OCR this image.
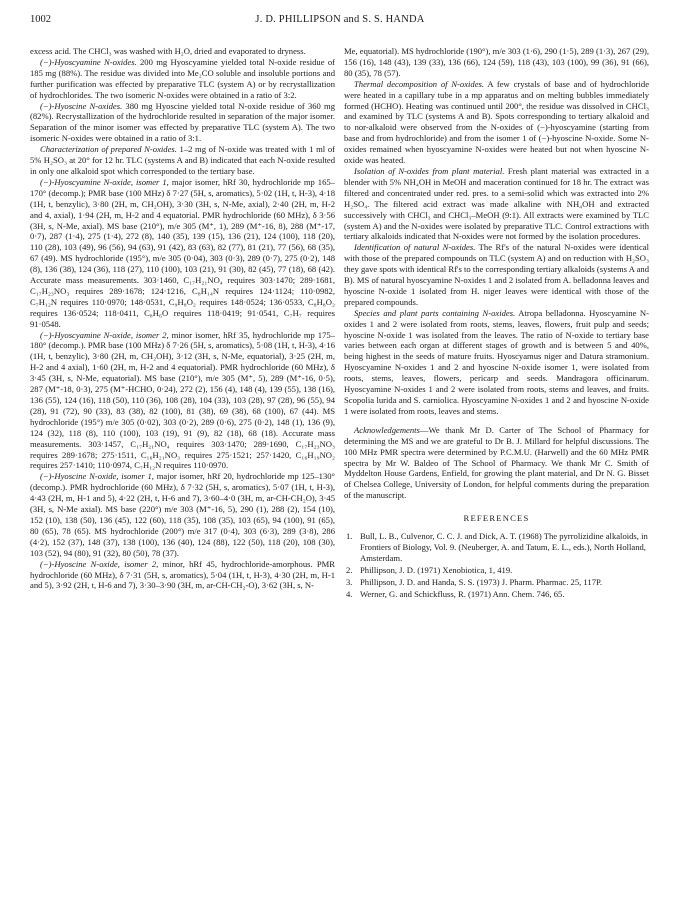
1002	J. D. PHILLIPSON and S. S. HANDA

excess acid. The CHCl₃ was washed with H₂O, dried and evaporated to dryness.

(−)-Hyoscyamine N-oxides. 200 mg Hyoscyamine yielded total N-oxide residue of 185 mg (88%). The residue was divided into Me₂CO soluble and insoluble portions and further purification was effected by preparative TLC (system A) or by recrystallization of hydrochlorides. The two isomeric N-oxides were obtained in a ratio of 3:2.

(−)-Hyoscine N-oxides. 380 mg Hyoscine yielded total N-oxide residue of 360 mg (82%). Recrystallization of the hydrochloride resulted in separation of the major isomer. Separation of the minor isomer was effected by preparative TLC (system A). The two isomeric N-oxides were obtained in a ratio of 3:1.

Characterization of prepared N-oxides. 1–2 mg of N-oxide was treated with 1 ml of 5% H₂SO₃ at 20° for 12 hr. TLC (systems A and B) indicated that each N-oxide resulted in only one alkaloid spot which corresponded to the tertiary base.

(−)-Hyoscyamine N-oxide, isomer 1, major isomer, hRf 30, hydrochloride mp 165–170° (decomp.); PMR base (100 MHz) δ 7·27 (5H, s, aromatics), 5·02 (1H, t, H-3), 4·18 (1H, t, benzylic), 3·80 (2H, m, CH₂OH), 3·30 (3H, s, N-Me, axial), 2·40 (2H, m, H-2 and 4, axial), 1·94 (2H, m, H-2 and 4 equatorial. PMR hydrochloride (60 MHz), δ 3·56 (3H, s, N-Me, axial). MS base (210°), m/e 305 (M⁺, 1), 289 (M⁺-16, 8), 288 (M⁺-17, 0·7), 287 (1·4), 275 (1·4), 272 (8), 140 (35), 139 (15), 136 (21), 124 (100), 118 (20), 110 (28), 103 (49), 96 (56), 94 (63), 91 (42), 83 (63), 82 (77), 81 (21), 77 (56), 68 (35), 67 (49). MS hydrochloride (195°), m/e 305 (0·04), 303 (0·3), 289 (0·7), 275 (0·2), 148 (8), 136 (38), 124 (36), 118 (27), 110 (100), 103 (21), 91 (30), 82 (45), 77 (18), 68 (42). Accurate mass measurements. 303·1460, C₁₇H₂₁NO₄ requires 303·1470; 289·1681, C₁₇H₂₃NO₃ requires 289·1678; 124·1216, C₈H₁₄N requires 124·1124; 110·0982, C₇H₁₂N requires 110·0970; 148·0531, C₉H₈O₂ requires 148·0524; 136·0533, C₈H₈O₂ requires 136·0524; 118·0411, C₈H₆O requires 118·0419; 91·0541, C₇H₇ requires 91·0548.

(−)-Hyoscyamine N-oxide, isomer 2, minor isomer, hRf 35, hydrochloride mp 175–180° (decomp.). PMR base (100 MHz) δ 7·26 (5H, s, aromatics), 5·08 (1H, t, H-3), 4·16 (1H, t, benzylic), 3·80 (2H, m, CH₂OH), 3·12 (3H, s, N-Me, equatorial), 3·25 (2H, m, H-2 and 4 axial), 1·60 (2H, m, H-2 and 4 equatorial). PMR hydrochloride (60 MHz), δ 3·45 (3H, s, N-Me, equatorial). MS base (210°), m/e 305 (M⁺, 5), 289 (M⁺-16, 0·5), 287 (M⁺-18, 0·3), 275 (M⁺-HCHO, 0·24), 272 (2), 156 (4), 148 (4), 139 (55), 138 (16), 136 (55), 124 (16), 118 (50), 110 (36), 108 (28), 104 (33), 103 (28), 97 (28), 96 (55), 94 (28), 91 (72), 90 (33), 83 (38), 82 (100), 81 (38), 69 (38), 68 (100), 67 (44). MS hydrochloride (195°) m/e 305 (0·02), 303 (0·2), 289 (0·6), 275 (0·2), 148 (1), 136 (9), 124 (32), 118 (8), 110 (100), 103 (19), 91 (9), 82 (18), 68 (18). Accurate mass measurements. 303·1457, C₁₇H₂₁NO₄ requires 303·1470; 289·1690, C₁₇H₂₃NO₃ requires 289·1678; 275·1511, C₁₆H₂₁NO₃ requires 275·1521; 257·1420, C₁₆H₁₉NO₂ requires 257·1410; 110·0974, C₇H₁₂N requires 110·0970.

(−)-Hyoscine N-oxide, isomer 1, major isomer, hRf 20, hydrochloride mp 125–130° (decomp.). PMR hydrochloride (60 MHz), δ 7·32 (5H, s, aromatics), 5·07 (1H, t, H-3), 4·43 (2H, m, H-1 and 5), 4·22 (2H, t, H-6 and 7), 3·60–4·0 (3H, m, ar-CH-CH₂O), 3·45 (3H, s, N-Me axial). MS base (220°) m/e 303 (M⁺-16, 5), 290 (1), 288 (2), 154 (10), 152 (10), 138 (50), 136 (45), 122 (60), 118 (35), 108 (35), 103 (65), 94 (100), 91 (65), 80 (65), 78 (65). MS hydrochloride (200°) m/e 317 (0·4), 303 (6·3), 289 (3·8), 286 (4·2), 152 (37), 148 (37), 138 (100), 136 (40), 124 (88), 122 (50), 118 (20), 108 (30), 103 (52), 94 (80), 91 (32), 80 (50), 78 (37).

(−)-Hyoscine N-oxide, isomer 2, minor, hRf 45, hydrochloride-amorphous. PMR hydrochloride (60 MHz), δ 7·31 (5H, s, aromatics), 5·04 (1H, t, H-3), 4·30 (2H, m, H-1 and 5), 3·92 (2H, t, H-6 and 7), 3·30–3·90 (3H, m, ar-CH-CH₂-O), 3·62 (3H, s, N-

Me, equatorial). MS hydrochloride (190°), m/e 303 (1·6), 290 (1·5), 289 (1·3), 267 (29), 156 (16), 148 (43), 139 (33), 136 (66), 124 (59), 118 (43), 103 (100), 99 (36), 91 (66), 80 (35), 78 (57).

Thermal decomposition of N-oxides. A few crystals of base and of hydrochloride were heated in a capillary tube in a mp apparatus and on melting bubbles immediately formed (HCHO). Heating was continued until 200°, the residue was dissolved in CHCl₃ and examined by TLC (systems A and B). Spots corresponding to tertiary alkaloid and to nor-alkaloid were observed from the N-oxides of (−)-hyoscyamine (starting from base and from hydrochloride) and from the isomer 1 of (−)-hyoscine N-oxide. Some N-oxides remained when hyoscyamine N-oxides were heated but not when hyoscine N-oxide was heated.

Isolation of N-oxides from plant material. Fresh plant material was extracted in a blender with 5% NH₄OH in MeOH and maceration continued for 18 hr. The extract was filtered and concentrated under red. pres. to a semi-solid which was extracted into 2% H₂SO₄. The filtered acid extract was made alkaline with NH₄OH and extracted successively with CHCl₃ and CHCl₃–MeOH (9:1). All extracts were examined by TLC (system A) and the N-oxides were isolated by preparative TLC. Control extractions with tertiary alkaloids indicated that N-oxides were not formed by the isolation procedures.

Identification of natural N-oxides. The Rf's of the natural N-oxides were identical with those of the prepared compounds on TLC (system A) and on reduction with H₂SO₃ they gave spots with identical Rf's to the corresponding tertiary alkaloids (systems A and B). MS of natural hyoscyamine N-oxides 1 and 2 isolated from A. belladonna leaves and hyoscine N-oxide 1 isolated from H. niger leaves were identical with those of the prepared compounds.

Species and plant parts containing N-oxides. Atropa belladonna. Hyoscyamine N-oxides 1 and 2 were isolated from roots, stems, leaves, flowers, fruit pulp and seeds; hyoscine N-oxide 1 was isolated from the leaves. The ratio of N-oxide to tertiary base varies between each organ at different stages of growth and is between 5 and 40%, being highest in the seeds of mature fruits. Hyoscyamus niger and Datura stramonium. Hyoscyamine N-oxides 1 and 2 and hyoscine N-oxide isomer 1, were isolated from roots, stems, leaves, flowers, pericarp and seeds. Mandragora officinarum. Hyoscyamine N-oxides 1 and 2 were isolated from roots, stems and leaves, and fruits. Scopolia lurida and S. carniolica. Hyoscyamine N-oxides 1 and 2 and hyoscine N-oxide 1 were isolated from roots, leaves and stems.

Acknowledgements—We thank Mr D. Carter of The School of Pharmacy for determining the MS and we are grateful to Dr B. J. Millard for helpful discussions. The 100 MHz PMR spectra were determined by P.C.M.U. (Harwell) and the 60 MHz PMR spectra by Mr W. Baldeo of The School of Pharmacy. We thank Mr C. Smith of Myddelton House Gardens, Enfield, for growing the plant material, and Dr N. G. Bisset of Chelsea College, University of London, for helpful comments during the preparation of the manuscript.

REFERENCES
1. Bull, L. B., Culvenor, C. C. J. and Dick, A. T. (1968) The pyrrolizidine alkaloids, in Frontiers of Biology, Vol. 9. (Neuberger, A. and Tatum, E. L., eds.), North Holland, Amsterdam.
2. Phillipson, J. D. (1971) Xenobiotica, 1, 419.
3. Phillipson, J. D. and Handa, S. S. (1973) J. Pharm. Pharmac. 25, 117P.
4. Werner, G. and Schickfluss, R. (1971) Ann. Chem. 746, 65.
